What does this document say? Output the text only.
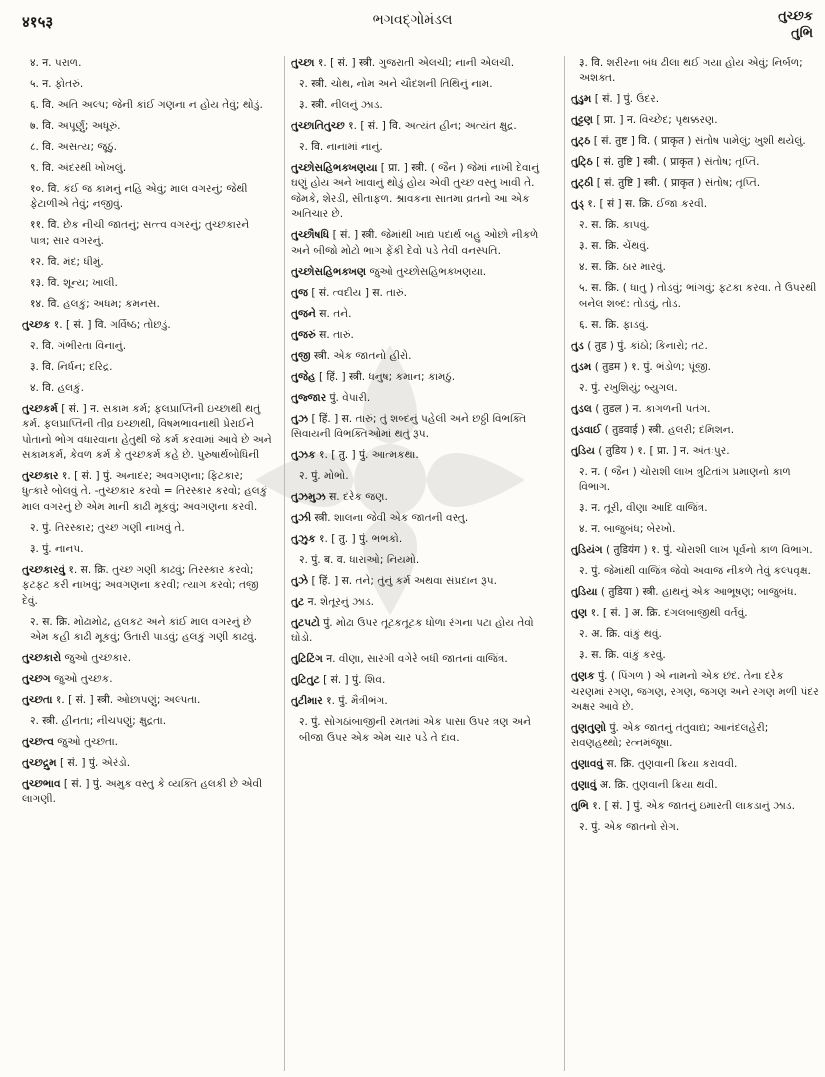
ભગવદ્ગોમંડલ
४१५३	તુચ્છક
તુભિ
४. न. પરાળ.
५. न. ફોતરું.
६. वि. અતિ અલ્પ; જેની કાંઈ ગણના ન હોય તેવું; થોડું.
७. वि. અપૂર્ણું; અધૂરું.
८. वि. અસત્ય; જૂઠું.
९. वि. અંદરથી ખોખલું.
१०. वि. કંઈ જ કામનું નહિ એવું; માલ વગરનું; જેથી ફેટાળીએ તેવું; નજીવું.
११. वि. છેક નીચી જાતનું; સત્ત્વ વગરનું; તુચ્છકારને પાત્ર; સાર વગરનું.
१२. वि. મંદ; ધીમું.
१३. वि. શૂન્ય; ખાલી.
१४. वि. હલકું; અધમ; કમનસ.
તુચ્છક १. [ सं. ] वि. ગર્વિષ્ઠ; તોછડું.
२. वि. ગંભીરતા વિનાનું.
३. वि. નિર્ધન; દરિદ્ર.
४. वि. હલકું.
તુચ્છકર્મ [ सं. ] न. સકામ કર્મ; ફલપ્રાપ્તિની ઇચ્છાથી થતું કર્મ. ફલપ્રાપ્તિની તીવ્ર ઇચ્છાથી, વિષમભાવનાથી પ્રેરાઈને પોતાનો ભોગ વધારવાના હેતુથી જે કર્મ કરવામાં આવે છે અને સકામકર્મ, કેવળ કર્મ કે તુચ્છકર્મ કહે છે. પુરુષાર્થબોધિની
તુચ્છકાર १. [ सं. ] पुं. અનાદર; અવગણના; ફિટકાર; ધુત્કારે બોલવું તે. -તુચ્છકાર કરવો = તિરસ્કાર કરવો; હલકું માલ વગરનું છે એમ માની કાઢી મૂકવું; અવગણના કરવી.
२. पुं. તિરસ્કાર; તુચ્છ ગણી નાખવું તે.
३. पुं. નાનપ.
તુચ્છકારવું १. स. क्रि. તુચ્છ ગણી કાઢવું; તિરસ્કાર કરવો; ફટફટ કરી નાખવું; અવગણના કરવી; ત્યાગ કરવો; તજી દેવું.
२. स. क्रि. મોઢામોઢ, હલકટ અને કાંઈ માલ વગરનું છે એમ કહી કાઢી મૂકવું; ઉતારી પાડવું; હલકું ગણી કાઢવું.
તુચ્છકારો જુઓ તુચ્છકાર.
તુચ્છગ જુઓ તુચ્છક.
તુચ્છતા १. [ सं. ] स्त्री. ઓછાપણું; અલ્પતા.
२. स्त्री. હીનતા; નીચપણું; ક્ષુદ્રતા.
તુચ્છત્વ જુઓ તુચ્છતા.
તુચ્છદ્રુમ [ सं. ] पुं. એરંડો.
તુચ્છભાવ [ सं. ] पुं. અમુક વસ્તુ કે વ્યક્તિ હલકી છે એવી લાગણી.
તુચ્છા १. [ सं. ] स्त्री. ગુજરાતી એલચી; નાની એલચી.
२. स्त्री. ચોથ, નોમ અને ચૌદશની તિથિનું નામ.
३. स्त्री. નીલનું ઝાડ.
તુચ્છાતિતુચ્છ १. [ सं. ] वि. અત્યંત હીન; અત્યંત ક્ષુદ્ર.
२. वि. નાનામાં નાનું.
તુચ્છોસહિભક્ખણયા [ प्रा. ] स्त्री. ( જૈન ) જેમાં નાખી દેવાનું ઘણું હોય અને ખાવાનું થોડું હોય એવી તુચ્છ વસ્તુ ખાવી તે. જેમકે, શેરડી, સીતાફળ. શ્રાવકના સાતમા વ્રતનો આ એક અતિચાર છે.
તુચ્છૌષધિ [ सं. ] स्त्री. જેમાંથી ખાદ્ય પદાર્થ બહુ ઓછો નીકળે અને બીજો મોટો ભાગ ફેંકી દેવો પડે તેવી વનસ્પતિ.
તુચ્છોસહિભક્ખણ જુઓ તુચ્છોસહિભક્ખણયા.
તુજ [ सं. ત્વદીય ] स. તારું.
તુજને स. તને.
તુજરું स. તારું.
તુજી स्त्री. એક જાતનો હીરો.
તુજેહ [ हिं. ] स्त्री. ધનુષ; કમાન; કામઠું.
તુજ્જાર पुं. વેપારી.
તુઝ [ हिं. ] स. તારું; તું શબ્દનું પહેલી અને છઠ્ઠી વિભક્તિ સિવાયની વિભક્તિઓમાં થતું રૂપ.
તુઝક १. [ तु. ] पुं. આત્મકથા.
२. पुं. મોભો.
તુઝમુઝ स. દરેક જણ.
તુઝી स्त्री. શાલના જેવી એક જાતની વસ્તુ.
તુઝુક १. [ तु. ] पुं. ભભકો.
२. पुं. ब. व. ધારાઓ; નિયમો.
તુઝે [ हिं. ] स. તને; તુંનું કર્મ અથવા સંપ્રદાન રૂપ.
તુટ न. શેતૂરનું ઝાડ.
તુટપટો पुं. મોઢા ઉપર તૂટકતૂટક ધોળા રંગના પટા હોય તેવો ઘોડો.
તુટિટિંગ न. વીણા, સારંગી વગેરે બધી જાતનાં વાજિંત્ર.
તુટિતુટ [ सं. ] पुं. શિવ.
તુટીમાર १. पुं. મૈત્રીભંગ.
२. पुं. સોગઠાંબાજીની રમતમાં એક પાસા ઉપર ત્રણ અને બીજા ઉપર એક એમ ચાર પડે તે દાવ.
३. वि. શરીરના બંધ ઢીલા થઈ ગયા હોય એવું; નિર્બળ; અશક્ત.
તુડુમ [ सं. ] पुं. ઉંદર.
તુટ્ટણ [ प्रा. ] न. વિચ્છેદ; પૃથક્કરણ.
તુટ્ઠ [ सं. तुष्ट ] वि. ( प्राकृत ) સંતોષ પામેલું; ખુશી થયેલું.
તુટ્ઠિ [ सं. तुष्टि ] स्त्री. ( प्राकृत ) સંતોષ; તૃપ્તિ.
તુટ્ઠી [ सं. तुष्टि ] स्त्री. ( प्राकृत ) સંતોષ; તૃપ્તિ.
તુડ્ १. [ सं ] स. क्रि. ઈજા કરવી.
२. स. क्रि. કાપવું.
३. स. क्रि. ચેંથવું.
४. स. क्रि. ઠાર મારવું.
५. स. क्रि. ( ધાતુ ) તોડવું; ભાંગવું; ફટકા કરવા. તે ઉપરથી બનેલ શબ્દ: તોડવું, તોડ.
६. स. क्रि. ફાડવું.
તુડ ( तुड ) पुं. કાંઠો; કિનારો; તટ.
તુડમ ( तुडम ) १. पुं. ભંડોળ; પૂંજી.
२. पुं. રખુશિયું; બ્યુગલ.
તુડલ ( तुडल ) न. કાગળની પતંગ.
તુડવાઈ ( तुडवाई ) स्त्री. હલરી; દમિશન.
તુડિય ( तुडिय ) १. [ प्रा. ] न. અંતઃપુર.
२. न. ( જૈન ) ચોરાશી લાખ ત્રુટિતાંગ પ્રમાણનો કાળ વિભાગ.
३. न. તૂરી, વીણા આદિ વાજિંત્ર.
४. न. બાજુબંધ; બેરખો.
તુડિયંગ ( तुडियंग ) १. पुं. ચોરાશી લાખ પૂર્વનો કાળ વિભાગ.
२. पुं. જેમાંથી વાજિંત્ર જેવો અવાજ નીકળે તેવું કલ્પવૃક્ષ.
તુડિયા ( तुडिया ) स्त्री. હાથનું એક આભૂષણ; બાજુબંધ.
તુણ १. [ सं. ] अ. क्रि. દગલબાજીથી વર્તવું.
२. अ. क्रि. વાંકું થવું.
३. स. क्रि. વાંકું કરવું.
તુણક पुं. ( પિંગળ ) એ નામનો એક છંદ. તેના દરેક ચરણમાં રગણ, જગણ, રગણ, જગણ અને રગણ મળી પંદર અક્ષર આવે છે.
તુણતુણો पुं. એક જાતનું તંતુવાદ્ય; આનંદલહેરી; રાવણહથ્થો; રત્નમંજૂષા.
તુણાવવું स. क्रि. તુણવાની ક્રિયા કરાવવી.
તુણાવું अ. क्रि. તુણવાની ક્રિયા થવી.
તુભિ १. [ सं. ] पुं. એક જાતનું ઇમારતી લાકડાનું ઝાડ.
२. पुं. એક જાતનો રોગ.
